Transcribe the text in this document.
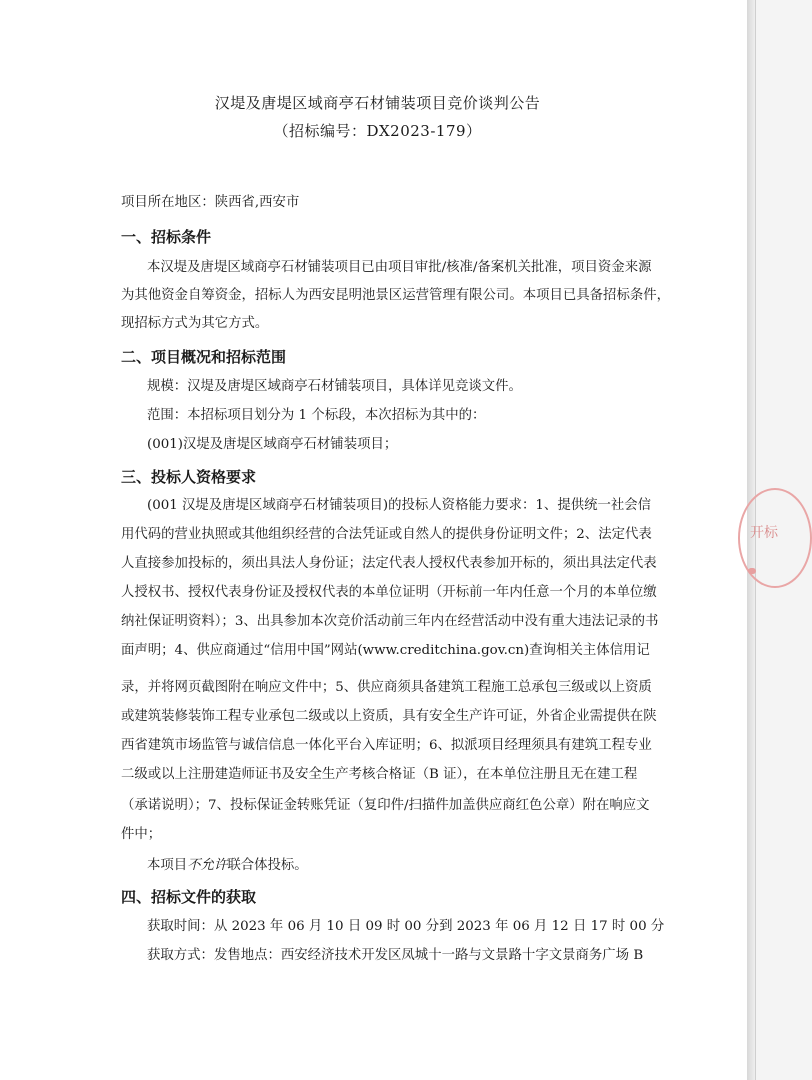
汉堤及唐堤区域商亭石材铺装项目竞价谈判公告
（招标编号：DX2023-179）
项目所在地区：陕西省,西安市
一、招标条件
本汉堤及唐堤区域商亭石材铺装项目已由项目审批/核准/备案机关批准，项目资金来源
为其他资金自筹资金，招标人为西安昆明池景区运营管理有限公司。本项目已具备招标条件，
现招标方式为其它方式。
二、项目概况和招标范围
规模：汉堤及唐堤区域商亭石材铺装项目，具体详见竞谈文件。
范围：本招标项目划分为 1 个标段，本次招标为其中的：
(001)汉堤及唐堤区域商亭石材铺装项目；
三、投标人资格要求
(001 汉堤及唐堤区域商亭石材铺装项目)的投标人资格能力要求：1、提供统一社会信
用代码的营业执照或其他组织经营的合法凭证或自然人的提供身份证明文件；2、法定代表
人直接参加投标的，须出具法人身份证；法定代表人授权代表参加开标的，须出具法定代表
人授权书、授权代表身份证及授权代表的本单位证明（开标前一年内任意一个月的本单位缴
纳社保证明资料）；3、出具参加本次竞价活动前三年内在经营活动中没有重大违法记录的书
面声明；4、供应商通过“信用中国”网站(www.creditchina.gov.cn)查询相关主体信用记
录，并将网页截图附在响应文件中；5、供应商须具备建筑工程施工总承包三级或以上资质
或建筑装修装饰工程专业承包二级或以上资质，具有安全生产许可证，外省企业需提供在陕
西省建筑市场监管与诚信信息一体化平台入库证明；6、拟派项目经理须具有建筑工程专业
二级或以上注册建造师证书及安全生产考核合格证（B 证），在本单位注册且无在建工程
（承诺说明）；7、投标保证金转账凭证（复印件/扫描件加盖供应商红色公章）附在响应文
件中；
本项目不允许联合体投标。
四、招标文件的获取
获取时间：从 2023 年 06 月 10 日 09 时 00 分到 2023 年 06 月 12 日 17 时 00 分
获取方式：发售地点：西安经济技术开发区凤城十一路与文景路十字文景商务广场 B
开标
